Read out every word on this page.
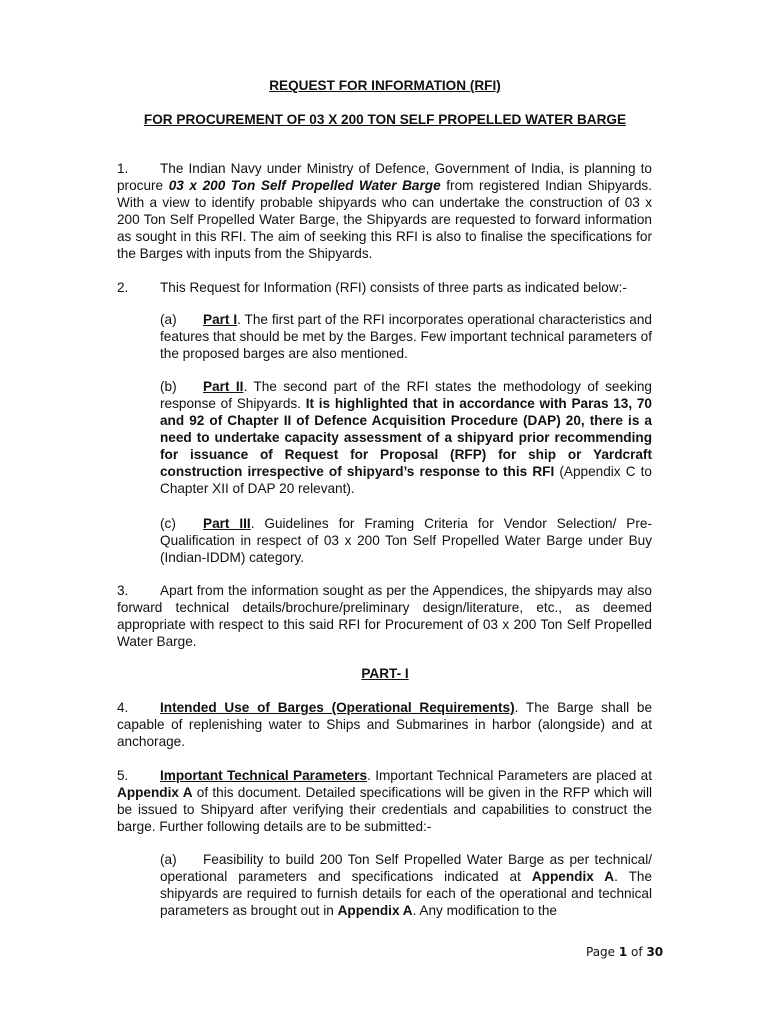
REQUEST FOR INFORMATION (RFI)
FOR PROCUREMENT OF 03 X 200 TON SELF PROPELLED WATER BARGE
1. The Indian Navy under Ministry of Defence, Government of India, is planning to procure 03 x 200 Ton Self Propelled Water Barge from registered Indian Shipyards. With a view to identify probable shipyards who can undertake the construction of 03 x 200 Ton Self Propelled Water Barge, the Shipyards are requested to forward information as sought in this RFI. The aim of seeking this RFI is also to finalise the specifications for the Barges with inputs from the Shipyards.
2. This Request for Information (RFI) consists of three parts as indicated below:-
(a) Part I. The first part of the RFI incorporates operational characteristics and features that should be met by the Barges. Few important technical parameters of the proposed barges are also mentioned.
(b) Part II. The second part of the RFI states the methodology of seeking response of Shipyards. It is highlighted that in accordance with Paras 13, 70 and 92 of Chapter II of Defence Acquisition Procedure (DAP) 20, there is a need to undertake capacity assessment of a shipyard prior recommending for issuance of Request for Proposal (RFP) for ship or Yardcraft construction irrespective of shipyard’s response to this RFI (Appendix C to Chapter XII of DAP 20 relevant).
(c) Part III. Guidelines for Framing Criteria for Vendor Selection/ Pre-Qualification in respect of 03 x 200 Ton Self Propelled Water Barge under Buy (Indian-IDDM) category.
3. Apart from the information sought as per the Appendices, the shipyards may also forward technical details/brochure/preliminary design/literature, etc., as deemed appropriate with respect to this said RFI for Procurement of 03 x 200 Ton Self Propelled Water Barge.
PART- I
4. Intended Use of Barges (Operational Requirements). The Barge shall be capable of replenishing water to Ships and Submarines in harbor (alongside) and at anchorage.
5. Important Technical Parameters. Important Technical Parameters are placed at Appendix A of this document. Detailed specifications will be given in the RFP which will be issued to Shipyard after verifying their credentials and capabilities to construct the barge. Further following details are to be submitted:-
(a) Feasibility to build 200 Ton Self Propelled Water Barge as per technical/ operational parameters and specifications indicated at Appendix A. The shipyards are required to furnish details for each of the operational and technical parameters as brought out in Appendix A. Any modification to the
Page 1 of 30
